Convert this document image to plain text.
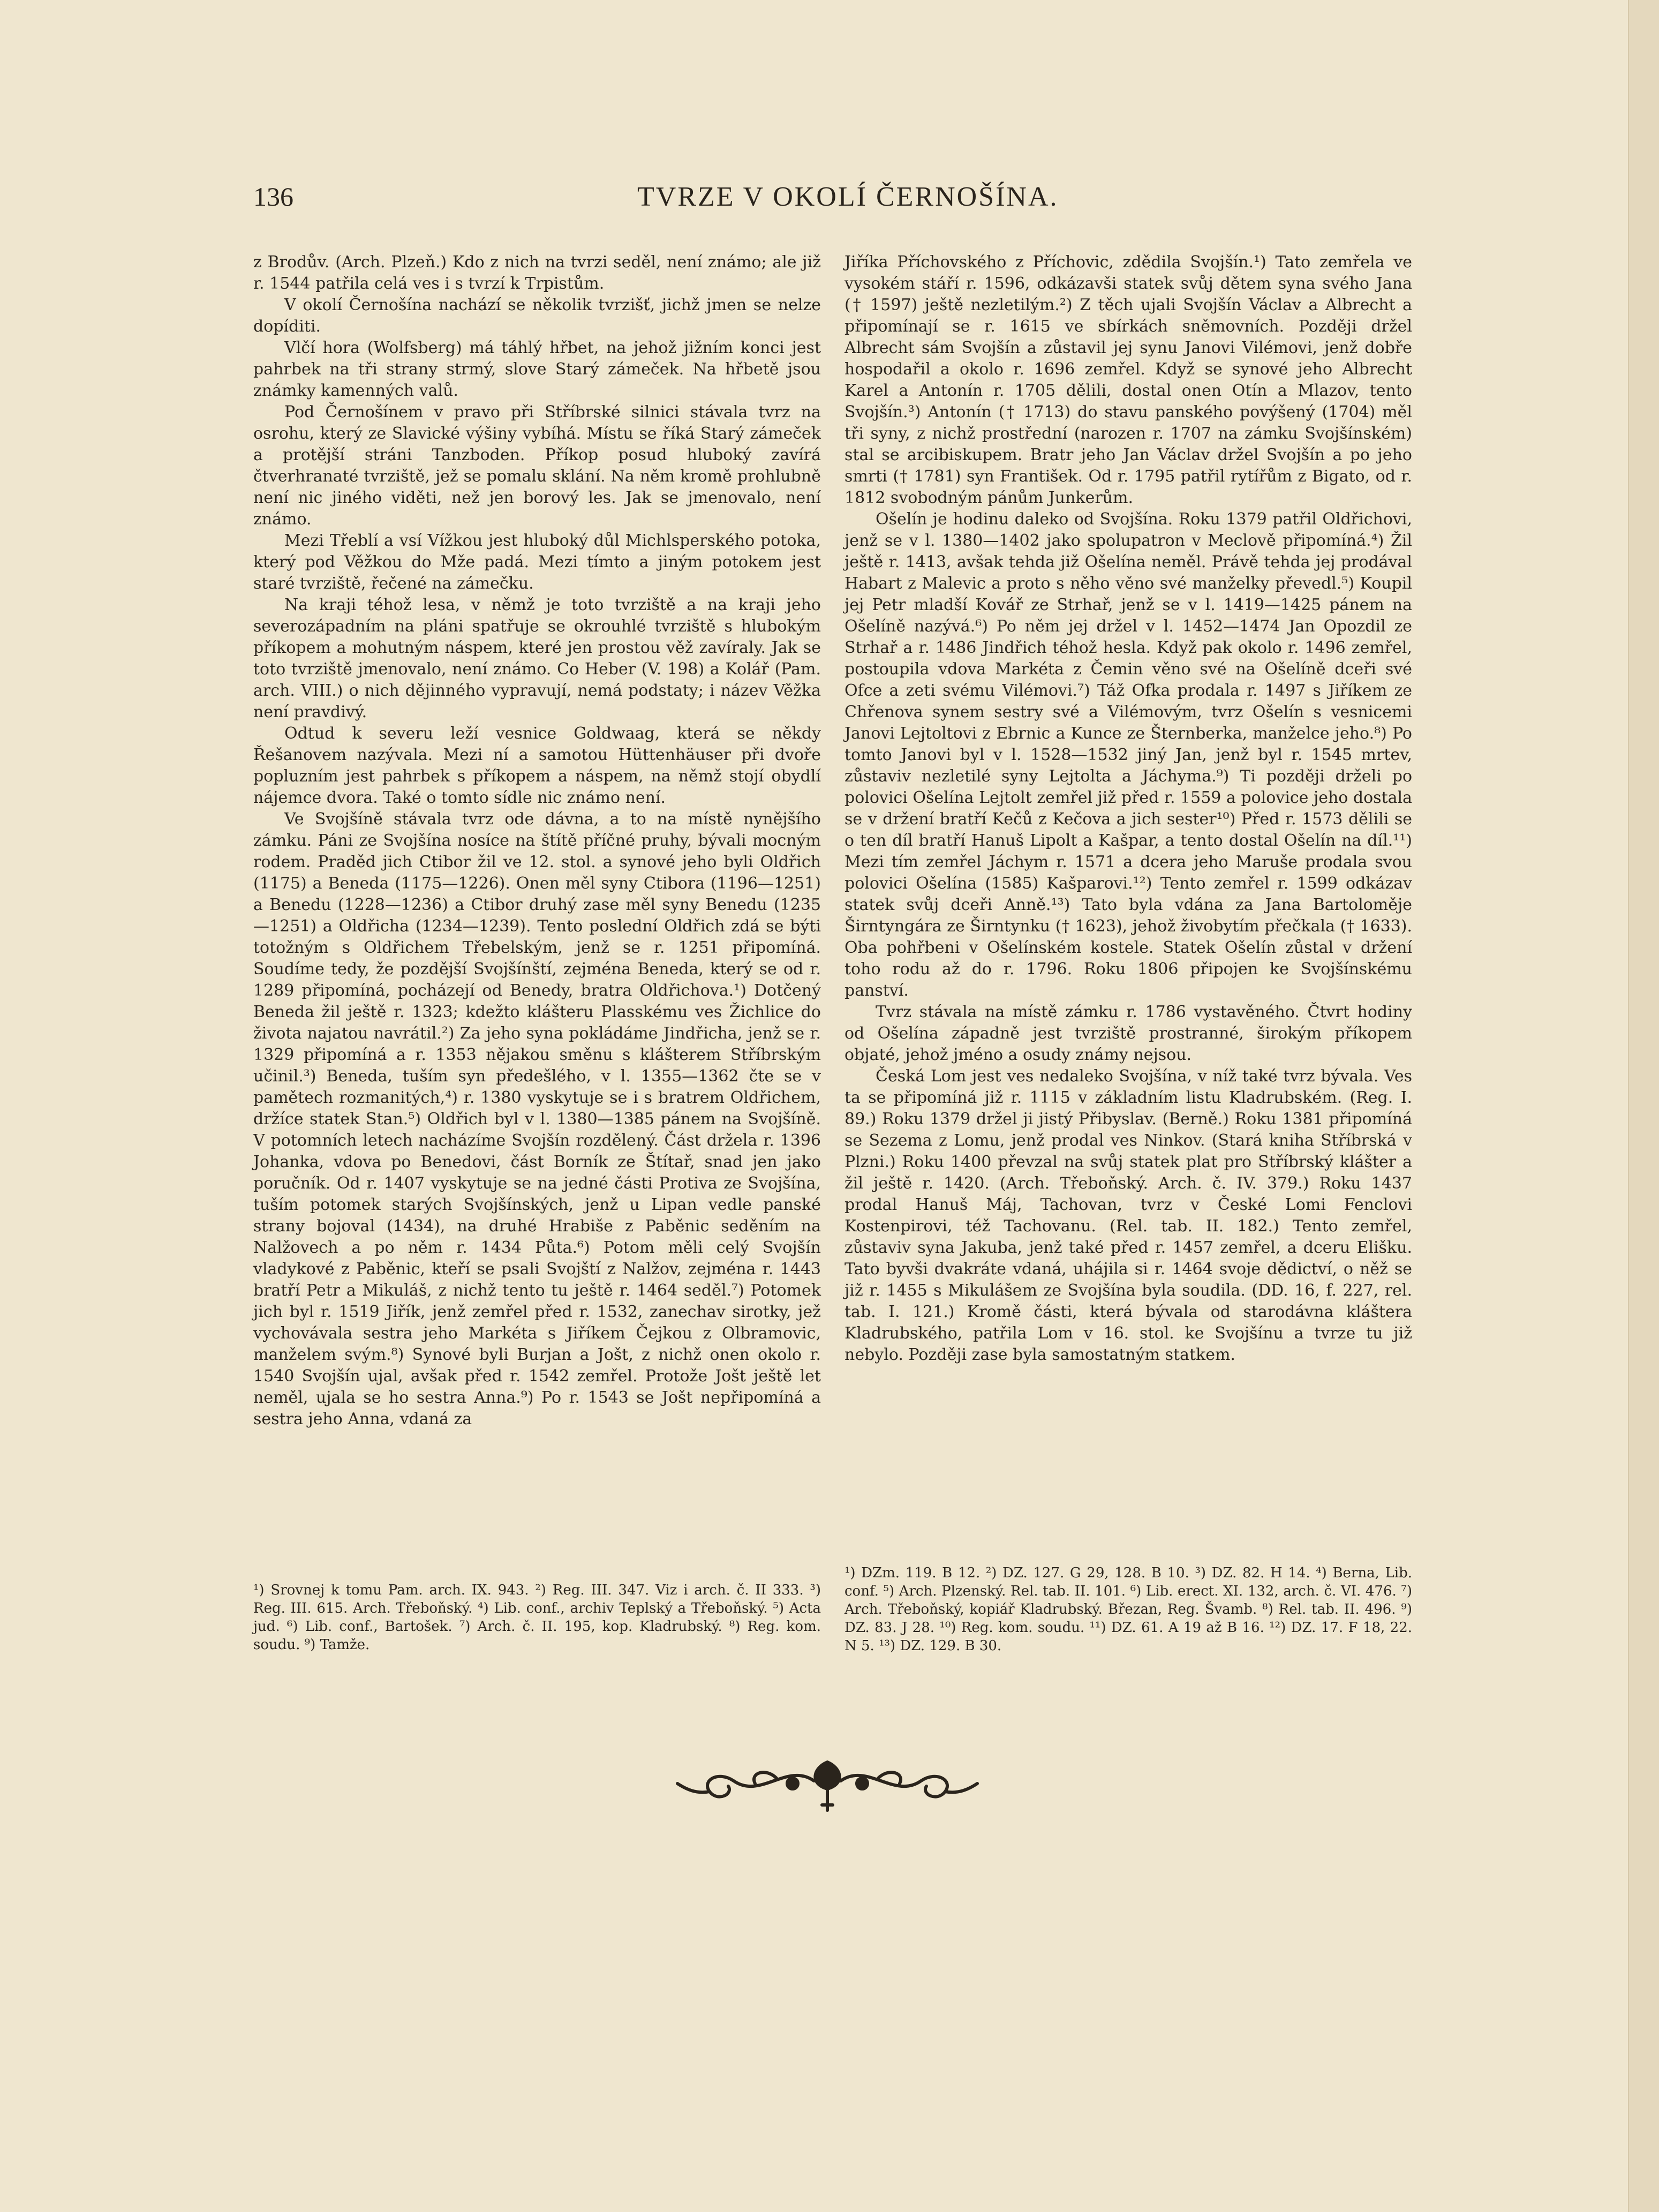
136	TVRZE V OKOLÍ ČERNOŠÍNA.

z Brodův. (Arch. Plzeň.) Kdo z nich na tvrzi seděl, není známo; ale již r. 1544 patřila celá ves i s tvrzí k Trpistům.

V okolí Černošína nachází se několik tvrzišť, jichž jmen se nelze dopíditi.

Vlčí hora (Wolfsberg) má táhlý hřbet, na jehož jižním konci jest pahrbek na tři strany strmý, slove Starý zámeček. Na hřbetě jsou známky kamenných valů.

Pod Černošínem v pravo při Stříbrské silnici stávala tvrz na osrohu, který ze Slavické výšiny vybíhá. Místu se říká Starý zámeček a protější stráni Tanzboden. Příkop posud hluboký zavírá čtverhranaté tvrziště, jež se pomalu sklání. Na něm kromě prohlubně není nic jiného viděti, než jen borový les. Jak se jmenovalo, není známo.

Mezi Třeblí a vsí Vížkou jest hluboký důl Michlsperského potoka, který pod Věžkou do Mže padá. Mezi tímto a jiným potokem jest staré tvrziště, řečené na zámečku.

Na kraji téhož lesa, v němž je toto tvrziště a na kraji jeho severozápadním na pláni spatřuje se okrouhlé tvrziště s hlubokým příkopem a mohutným náspem, které jen prostou věž zavíraly. Jak se toto tvrziště jmenovalo, není známo. Co Heber (V. 198) a Kolář (Pam. arch. VIII.) o nich dějinného vypravují, nemá podstaty; i název Věžka není pravdivý.

Odtud k severu leží vesnice Goldwaag, která se někdy Řešanovem nazývala. Mezi ní a samotou Hüttenhäuser při dvoře popluzním jest pahrbek s příkopem a náspem, na němž stojí obydlí nájemce dvora. Také o tomto sídle nic známo není.

Ve Svojšíně stávala tvrz ode dávna, a to na místě nynějšího zámku. Páni ze Svojšína nosíce na štítě příčné pruhy, bývali mocným rodem. Praděd jich Ctibor žil ve 12. stol. a synové jeho byli Oldřich (1175) a Beneda (1175—1226). Onen měl syny Ctibora (1196—1251) a Benedu (1228—1236) a Ctibor druhý zase měl syny Benedu (1235—1251) a Oldřicha (1234—1239). Tento poslední Oldřich zdá se býti totožným s Oldřichem Třebelským, jenž se r. 1251 připomíná. Soudíme tedy, že pozdější Svojšínští, zejména Beneda, který se od r. 1289 připomíná, pocházejí od Benedy, bratra Oldřichova.¹) Dotčený Beneda žil ještě r. 1323; kdežto klášteru Plasskému ves Žichlice do života najatou navrátil.²) Za jeho syna pokládáme Jindřicha, jenž se r. 1329 připomíná a r. 1353 nějakou směnu s klášterem Stříbrským učinil.³) Beneda, tuším syn předešlého, v l. 1355—1362 čte se v pamětech rozmanitých,⁴) r. 1380 vyskytuje se i s bratrem Oldřichem, držíce statek Stan.⁵) Oldřich byl v l. 1380—1385 pánem na Svojšíně. V potomních letech nacházíme Svojšín rozdělený. Část držela r. 1396 Johanka, vdova po Benedovi, část Borník ze Štítař, snad jen jako poručník. Od r. 1407 vyskytuje se na jedné části Protiva ze Svojšína, tuším potomek starých Svojšínských, jenž u Lipan vedle panské strany bojoval (1434), na druhé Hrabiše z Paběnic seděním na Nalžovech a po něm r. 1434 Půta.⁶) Potom měli celý Svojšín vladykové z Paběnic, kteří se psali Svojští z Nalžov, zejména r. 1443 bratří Petr a Mikuláš, z nichž tento tu ještě r. 1464 seděl.⁷) Potomek jich byl r. 1519 Jiřík, jenž zemřel před r. 1532, zanechav sirotky, jež vychovávala sestra jeho Markéta s Jiříkem Čejkou z Olbramovic, manželem svým.⁸) Synové byli Burjan a Jošt, z nichž onen okolo r. 1540 Svojšín ujal, avšak před r. 1542 zemřel. Protože Jošt ještě let neměl, ujala se ho sestra Anna.⁹) Po r. 1543 se Jošt nepřipomíná a sestra jeho Anna, vdaná za

Jiříka Příchovského z Příchovic, zdědila Svojšín.¹) Tato zemřela ve vysokém stáří r. 1596, odkázavši statek svůj dětem syna svého Jana († 1597) ještě nezletilým.²) Z těch ujali Svojšín Václav a Albrecht a připomínají se r. 1615 ve sbírkách sněmovních. Později držel Albrecht sám Svojšín a zůstavil jej synu Janovi Vilémovi, jenž dobře hospodařil a okolo r. 1696 zemřel. Když se synové jeho Albrecht Karel a Antonín r. 1705 dělili, dostal onen Otín a Mlazov, tento Svojšín.³) Antonín († 1713) do stavu panského povýšený (1704) měl tři syny, z nichž prostřední (narozen r. 1707 na zámku Svojšínském) stal se arcibiskupem. Bratr jeho Jan Václav držel Svojšín a po jeho smrti († 1781) syn František. Od r. 1795 patřil rytířům z Bigato, od r. 1812 svobodným pánům Junkerům.

Ošelín je hodinu daleko od Svojšína. Roku 1379 patřil Oldřichovi, jenž se v l. 1380—1402 jako spolupatron v Meclově připomíná.⁴) Žil ještě r. 1413, avšak tehda již Ošelína neměl. Právě tehda jej prodával Habart z Malevic a proto s něho věno své manželky převedl.⁵) Koupil jej Petr mladší Kovář ze Strhař, jenž se v l. 1419—1425 pánem na Ošelíně nazývá.⁶) Po něm jej držel v l. 1452—1474 Jan Opozdil ze Strhař a r. 1486 Jindřich téhož hesla. Když pak okolo r. 1496 zemřel, postoupila vdova Markéta z Čemin věno své na Ošelíně dceři své Ofce a zeti svému Vilémovi.⁷) Táž Ofka prodala r. 1497 s Jiříkem ze Chřenova synem sestry své a Vilémovým, tvrz Ošelín s vesnicemi Janovi Lejtoltovi z Ebrnic a Kunce ze Šternberka, manželce jeho.⁸) Po tomto Janovi byl v l. 1528—1532 jiný Jan, jenž byl r. 1545 mrtev, zůstaviv nezletilé syny Lejtolta a Jáchyma.⁹) Ti později drželi po polovici Ošelína Lejtolt zemřel již před r. 1559 a polovice jeho dostala se v držení bratří Kečů z Kečova a jich sester¹⁰) Před r. 1573 dělili se o ten díl bratří Hanuš Lipolt a Kašpar, a tento dostal Ošelín na díl.¹¹) Mezi tím zemřel Jáchym r. 1571 a dcera jeho Maruše prodala svou polovici Ošelína (1585) Kašparovi.¹²) Tento zemřel r. 1599 odkázav statek svůj dceři Anně.¹³) Tato byla vdána za Jana Bartoloměje Širntyngára ze Širntynku († 1623), jehož živobytím přečkala († 1633). Oba pohřbeni v Ošelínském kostele. Statek Ošelín zůstal v držení toho rodu až do r. 1796. Roku 1806 připojen ke Svojšínskému panství.

Tvrz stávala na místě zámku r. 1786 vystavěného. Čtvrt hodiny od Ošelína západně jest tvrziště prostranné, širokým příkopem objaté, jehož jméno a osudy známy nejsou.

Česká Lom jest ves nedaleko Svojšína, v níž také tvrz bývala. Ves ta se připomíná již r. 1115 v základním listu Kladrubském. (Reg. I. 89.) Roku 1379 držel ji jistý Přibyslav. (Berně.) Roku 1381 připomíná se Sezema z Lomu, jenž prodal ves Ninkov. (Stará kniha Stříbrská v Plzni.) Roku 1400 převzal na svůj statek plat pro Stříbrský klášter a žil ještě r. 1420. (Arch. Třeboňský. Arch. č. IV. 379.) Roku 1437 prodal Hanuš Máj, Tachovan, tvrz v České Lomi Fenclovi Kostenpirovi, též Tachovanu. (Rel. tab. II. 182.) Tento zemřel, zůstaviv syna Jakuba, jenž také před r. 1457 zemřel, a dceru Elišku. Tato byvši dvakráte vdaná, uhájila si r. 1464 svoje dědictví, o něž se již r. 1455 s Mikulášem ze Svojšína byla soudila. (DD. 16, f. 227, rel. tab. I. 121.) Kromě části, která bývala od starodávna kláštera Kladrubského, patřila Lom v 16. stol. ke Svojšínu a tvrze tu již nebylo. Později zase byla samostatným statkem.

¹) Srovnej k tomu Pam. arch. IX. 943. ²) Reg. III. 347. Viz i arch. č. II 333. ³) Reg. III. 615. Arch. Třeboňský. ⁴) Lib. conf., archiv Teplský a Třeboňský. ⁵) Acta jud. ⁶) Lib. conf., Bartošek. ⁷) Arch. č. II. 195, kop. Kladrubský. ⁸) Reg. kom. soudu. ⁹) Tamže.
¹) DZm. 119. B 12. ²) DZ. 127. G 29, 128. B 10. ³) DZ. 82. H 14. ⁴) Berna, Lib. conf. ⁵) Arch. Plzenský. Rel. tab. II. 101. ⁶) Lib. erect. XI. 132, arch. č. VI. 476. ⁷) Arch. Třeboňský, kopiář Kladrubský. Březan, Reg. Švamb. ⁸) Rel. tab. II. 496. ⁹) DZ. 83. J 28. ¹⁰) Reg. kom. soudu. ¹¹) DZ. 61. A 19 až B 16. ¹²) DZ. 17. F 18, 22. N 5. ¹³) DZ. 129. B 30.
